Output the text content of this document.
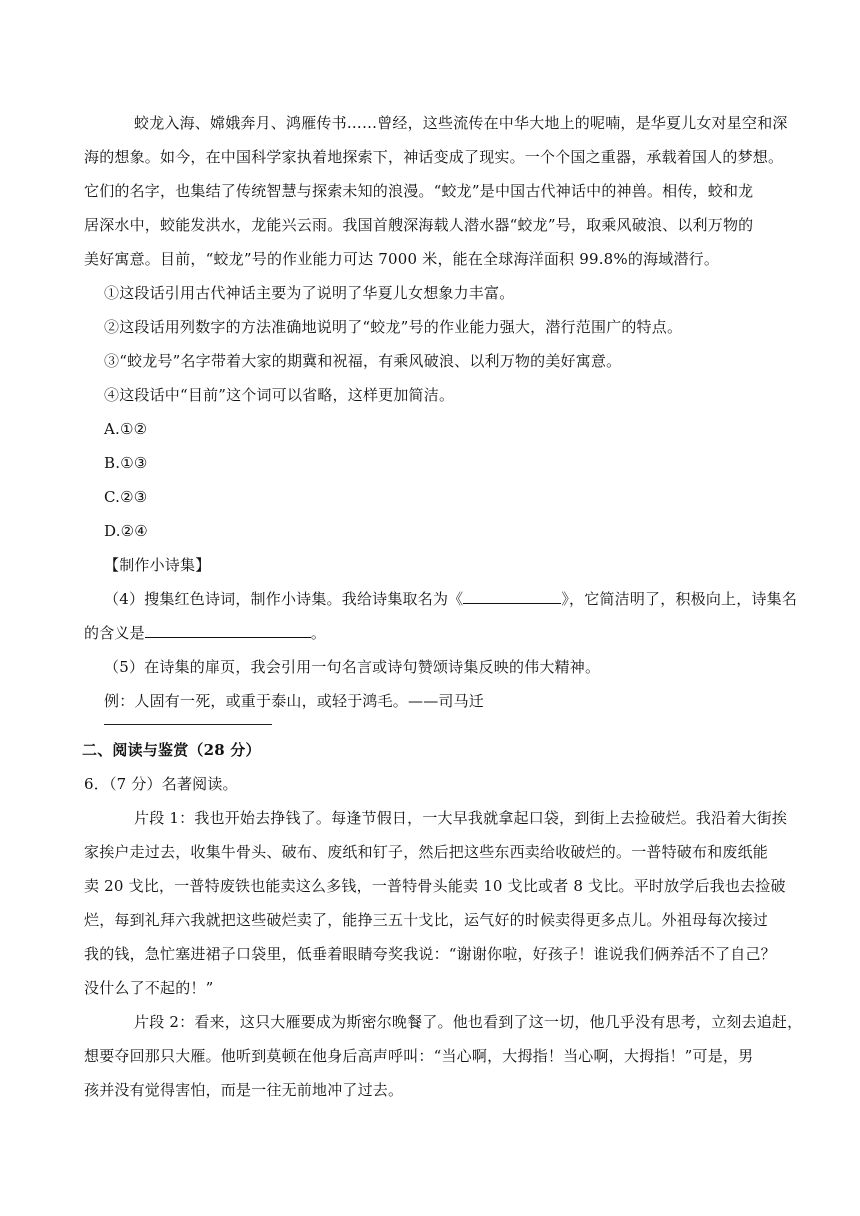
蛟龙入海、嫦娥奔月、鸿雁传书……曾经，这些流传在中华大地上的呢喃，是华夏儿女对星空和深
海的想象。如今，在中国科学家执着地探索下，神话变成了现实。一个个国之重器，承载着国人的梦想。
它们的名字，也集结了传统智慧与探索未知的浪漫。“蛟龙”是中国古代神话中的神兽。相传，蛟和龙
居深水中，蛟能发洪水，龙能兴云雨。我国首艘深海载人潜水器“蛟龙”号，取乘风破浪、以利万物的
美好寓意。目前，“蛟龙”号的作业能力可达 7000 米，能在全球海洋面积 99.8%的海域潜行。
①这段话引用古代神话主要为了说明了华夏儿女想象力丰富。
②这段话用列数字的方法准确地说明了“蛟龙”号的作业能力强大，潜行范围广的特点。
③“蛟龙号”名字带着大家的期冀和祝福，有乘风破浪、以利万物的美好寓意。
④这段话中“目前”这个词可以省略，这样更加简洁。
A.①②
B.①③
C.②③
D.②④
【制作小诗集】
（4）搜集红色诗词，制作小诗集。我给诗集取名为《	》，它简洁明了，积极向上，诗集名
的含义是	。
（5）在诗集的扉页，我会引用一句名言或诗句赞颂诗集反映的伟大精神。
例：人固有一死，或重于泰山，或轻于鸿毛。——司马迁
二、阅读与鉴赏（28 分）
6．（7 分）名著阅读。
片段 1：我也开始去挣钱了。每逢节假日，一大早我就拿起口袋，到街上去捡破烂。我沿着大街挨
家挨户走过去，收集牛骨头、破布、废纸和钉子，然后把这些东西卖给收破烂的。一普特破布和废纸能
卖 20 戈比，一普特废铁也能卖这么多钱，一普特骨头能卖 10 戈比或者 8 戈比。平时放学后我也去捡破
烂，每到礼拜六我就把这些破烂卖了，能挣三五十戈比，运气好的时候卖得更多点儿。外祖母每次接过
我的钱，急忙塞进裙子口袋里，低垂着眼睛夸奖我说：“谢谢你啦，好孩子！谁说我们俩养活不了自己？
没什么了不起的！”
片段 2：看来，这只大雁要成为斯密尔晚餐了。他也看到了这一切，他几乎没有思考，立刻去追赶，
想要夺回那只大雁。他听到莫顿在他身后高声呼叫：“当心啊，大拇指！当心啊，大拇指！”可是，男
孩并没有觉得害怕，而是一往无前地冲了过去。
